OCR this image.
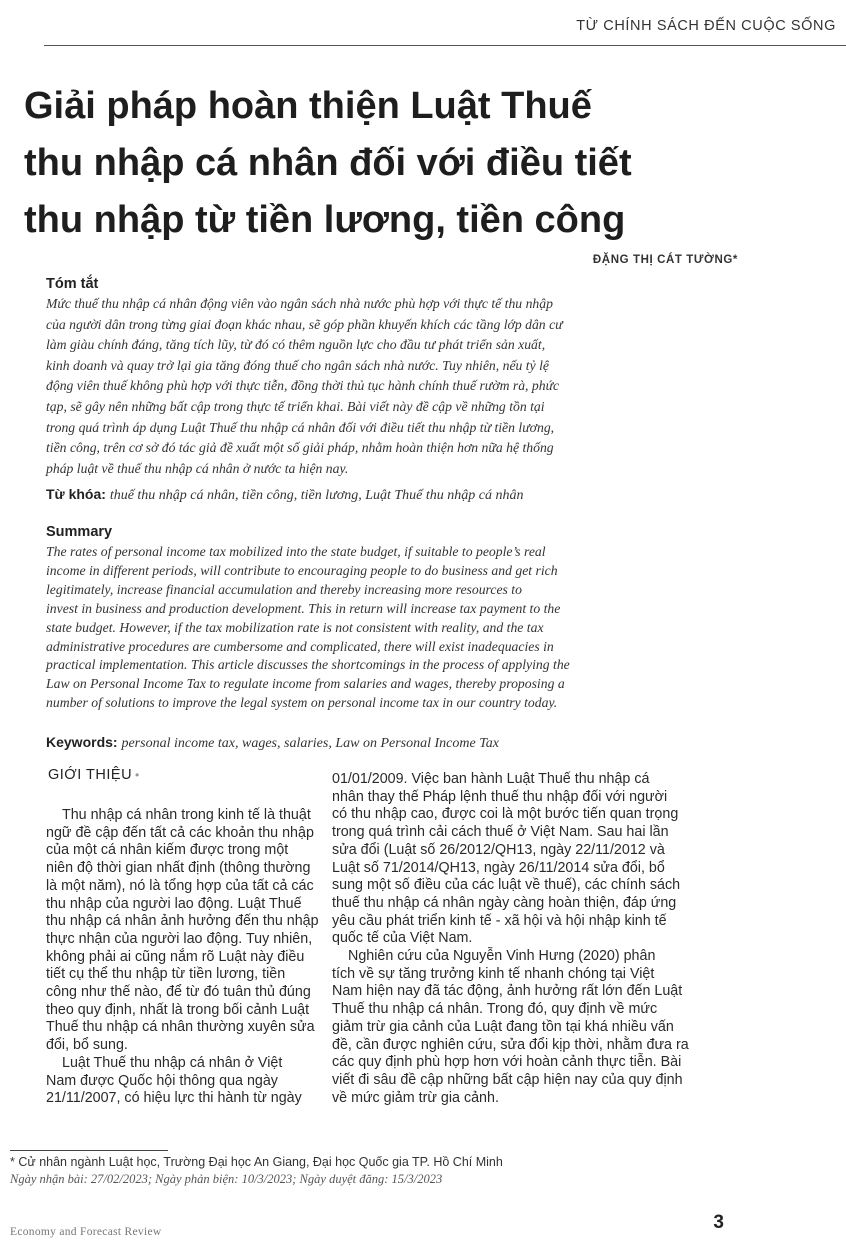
TỪ CHÍNH SÁCH ĐẾN CUỘC SỐNG
Giải pháp hoàn thiện Luật Thuế
thu nhập cá nhân đối với điều tiết
thu nhập từ tiền lương, tiền công
ĐẶNG THỊ CÁT TƯỜNG*
Tóm tắt
Mức thuế thu nhập cá nhân động viên vào ngân sách nhà nước phù hợp với thực tế thu nhập
của người dân trong từng giai đoạn khác nhau, sẽ góp phần khuyến khích các tầng lớp dân cư
làm giàu chính đáng, tăng tích lũy, từ đó có thêm nguồn lực cho đầu tư phát triển sản xuất,
kinh doanh và quay trở lại gia tăng đóng thuế cho ngân sách nhà nước. Tuy nhiên, nếu tỷ lệ
động viên thuế không phù hợp với thực tiễn, đồng thời thủ tục hành chính thuế rườm rà, phức
tạp, sẽ gây nên những bất cập trong thực tế triển khai. Bài viết này đề cập về những tồn tại
trong quá trình áp dụng Luật Thuế thu nhập cá nhân đối với điều tiết thu nhập từ tiền lương,
tiền công, trên cơ sở đó tác giả đề xuất một số giải pháp, nhằm hoàn thiện hơn nữa hệ thống
pháp luật về thuế thu nhập cá nhân ở nước ta hiện nay.

Từ khóa: thuế thu nhập cá nhân, tiền công, tiền lương, Luật Thuế thu nhập cá nhân

Summary
The rates of personal income tax mobilized into the state budget, if suitable to people’s real
income in different periods, will contribute to encouraging people to do business and get rich
legitimately, increase financial accumulation and thereby increasing more resources to
invest in business and production development. This in return will increase tax payment to the
state budget. However, if the tax mobilization rate is not consistent with reality, and the tax
administrative procedures are cumbersome and complicated, there will exist inadequacies in
practical implementation. This article discusses the shortcomings in the process of applying the
Law on Personal Income Tax to regulate income from salaries and wages, thereby proposing a
number of solutions to improve the legal system on personal income tax in our country today.

Keywords: personal income tax, wages, salaries, Law on Personal Income Tax

GIỚI THIỆU •
Thu nhập cá nhân trong kinh tế là thuật
ngữ đề cập đến tất cả các khoản thu nhập
của một cá nhân kiếm được trong một
niên độ thời gian nhất định (thông thường
là một năm), nó là tổng hợp của tất cả các
thu nhập của người lao động. Luật Thuế
thu nhập cá nhân ảnh hưởng đến thu nhập
thực nhận của người lao động. Tuy nhiên,
không phải ai cũng nắm rõ Luật này điều
tiết cụ thể thu nhập từ tiền lương, tiền
công như thế nào, để từ đó tuân thủ đúng
theo quy định, nhất là trong bối cảnh Luật
Thuế thu nhập cá nhân thường xuyên sửa
đổi, bổ sung.
Luật Thuế thu nhập cá nhân ở Việt
Nam được Quốc hội thông qua ngày
21/11/2007, có hiệu lực thi hành từ ngày
01/01/2009. Việc ban hành Luật Thuế thu nhập cá
nhân thay thế Pháp lệnh thuế thu nhập đối với người
có thu nhập cao, được coi là một bước tiến quan trọng
trong quá trình cải cách thuế ở Việt Nam. Sau hai lần
sửa đổi (Luật số 26/2012/QH13, ngày 22/11/2012 và
Luật số 71/2014/QH13, ngày 26/11/2014 sửa đổi, bổ
sung một số điều của các luật về thuế), các chính sách
thuế thu nhập cá nhân ngày càng hoàn thiện, đáp ứng
yêu cầu phát triển kinh tế - xã hội và hội nhập kinh tế
quốc tế của Việt Nam.
Nghiên cứu của Nguyễn Vinh Hưng (2020) phân
tích về sự tăng trưởng kinh tế nhanh chóng tại Việt
Nam hiện nay đã tác động, ảnh hưởng rất lớn đến Luật
Thuế thu nhập cá nhân. Trong đó, quy định về mức
giảm trừ gia cảnh của Luật đang tồn tại khá nhiều vấn
đề, cần được nghiên cứu, sửa đổi kịp thời, nhằm đưa ra
các quy định phù hợp hơn với hoàn cảnh thực tiễn. Bài
viết đi sâu đề cập những bất cập hiện nay của quy định
về mức giảm trừ gia cảnh.

* Cử nhân ngành Luật học, Trường Đại học An Giang, Đại học Quốc gia TP. Hồ Chí Minh

Ngày nhận bài: 27/02/2023; Ngày phản biện: 10/3/2023; Ngày duyệt đăng: 15/3/2023

Economy and Forecast Review	3
